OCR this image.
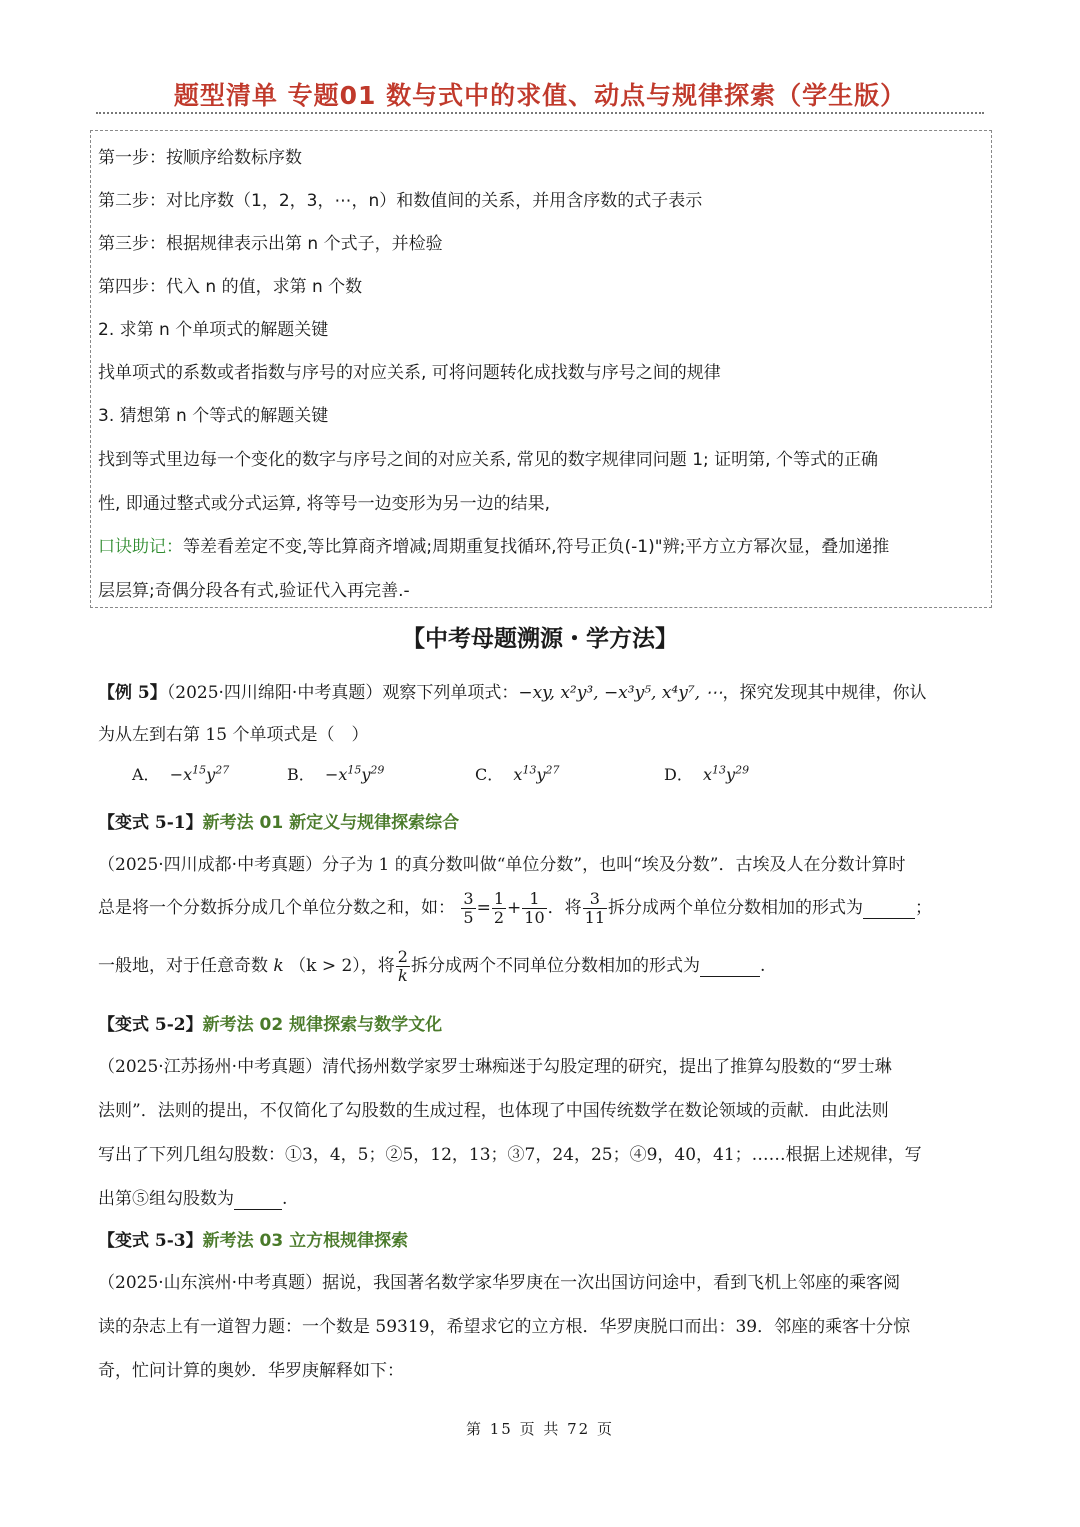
题型清单 专题01 数与式中的求值、动点与规律探索（学生版）
第一步：按顺序给数标序数
第二步：对比序数（1，2，3，⋯，n）和数值间的关系，并用含序数的式子表示
第三步：根据规律表示出第 n 个式子，并检验
第四步：代入 n 的值，求第 n 个数
2. 求第 n 个单项式的解题关键
找单项式的系数或者指数与序号的对应关系, 可将问题转化成找数与序号之间的规律
3. 猜想第 n 个等式的解题关键
找到等式里边每一个变化的数字与序号之间的对应关系, 常见的数字规律同问题 1; 证明第, 个等式的正确
性, 即通过整式或分式运算, 将等号一边变形为另一边的结果,
口诀助记：等差看差定不变,等比算商齐增减;周期重复找循环,符号正负(-1)"辨;平方立方幂次显，叠加递推
层层算;奇偶分段各有式,验证代入再完善.-
【中考母题溯源・学方法】
【例 5】（2025·四川绵阳·中考真题）观察下列单项式：−xy, x²y³, −x³y⁵, x⁴y⁷, ⋯，探究发现其中规律，你认
为从左到右第 15 个单项式是（　）
A． $-x^{15}y^{27}$	B． $-x^{15}y^{29}$	C． $x^{13}y^{27}$	D． $x^{13}y^{29}$
【变式 5-1】新考法 01 新定义与规律探索综合
（2025·四川成都·中考真题）分子为 1 的真分数叫做“单位分数”，也叫“埃及分数”．古埃及人在分数计算时
总是将一个分数拆分成几个单位分数之和，如： $\frac{3}{5} = \frac{1}{2} + \frac{1}{10}$ ．将 $\frac{3}{11}$ 拆分成两个单位分数相加的形式为	；
一般地，对于任意奇数 k （k > 2），将 $\frac{2}{k}$ 拆分成两个不同单位分数相加的形式为	.
【变式 5-2】新考法 02 规律探索与数学文化
（2025·江苏扬州·中考真题）清代扬州数学家罗士琳痴迷于勾股定理的研究，提出了推算勾股数的“罗士琳
法则”．法则的提出，不仅简化了勾股数的生成过程，也体现了中国传统数学在数论领域的贡献．由此法则
写出了下列几组勾股数：①3，4，5；②5，12，13；③7，24，25；④9，40，41；……根据上述规律，写
出第⑤组勾股数为	.
【变式 5-3】新考法 03 立方根规律探索
（2025·山东滨州·中考真题）据说，我国著名数学家华罗庚在一次出国访问途中，看到飞机上邻座的乘客阅
读的杂志上有一道智力题：一个数是 59319，希望求它的立方根．华罗庚脱口而出：39．邻座的乘客十分惊
奇，忙问计算的奥妙．华罗庚解释如下：
第 15 页 共 72 页
